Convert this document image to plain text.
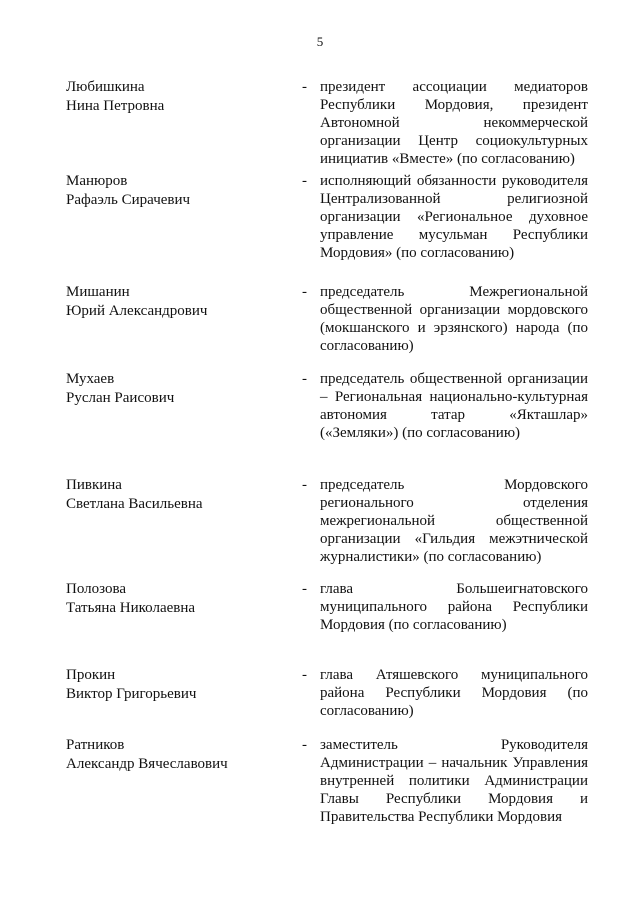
5
Любишкина
Нина Петровна
- президент ассоциации медиаторов Республики Мордовия, президент Автономной некоммерческой организации Центр социокультурных инициатив «Вместе» (по согласованию)
Манюров
Рафаэль Сирачевич
- исполняющий обязанности руководителя Централизованной религиозной организации «Региональное духовное управление мусульман Республики Мордовия» (по согласованию)
Мишанин
Юрий Александрович
- председатель Межрегиональной общественной организации мордовского (мокшанского и эрзянского) народа (по согласованию)
Мухаев
Руслан Раисович
- председатель общественной организации – Региональная национально-культурная автономия татар «Якташлар» («Земляки») (по согласованию)
Пивкина
Светлана Васильевна
- председатель Мордовского регионального отделения межрегиональной общественной организации «Гильдия межэтнической журналистики» (по согласованию)
Полозова
Татьяна Николаевна
- глава Большеигнатовского муниципального района Республики Мордовия (по согласованию)
Прокин
Виктор Григорьевич
- глава Атяшевского муниципального района Республики Мордовия (по согласованию)
Ратников
Александр Вячеславович
- заместитель Руководителя Администрации – начальник Управления внутренней политики Администрации Главы Республики Мордовия и Правительства Республики Мордовия
